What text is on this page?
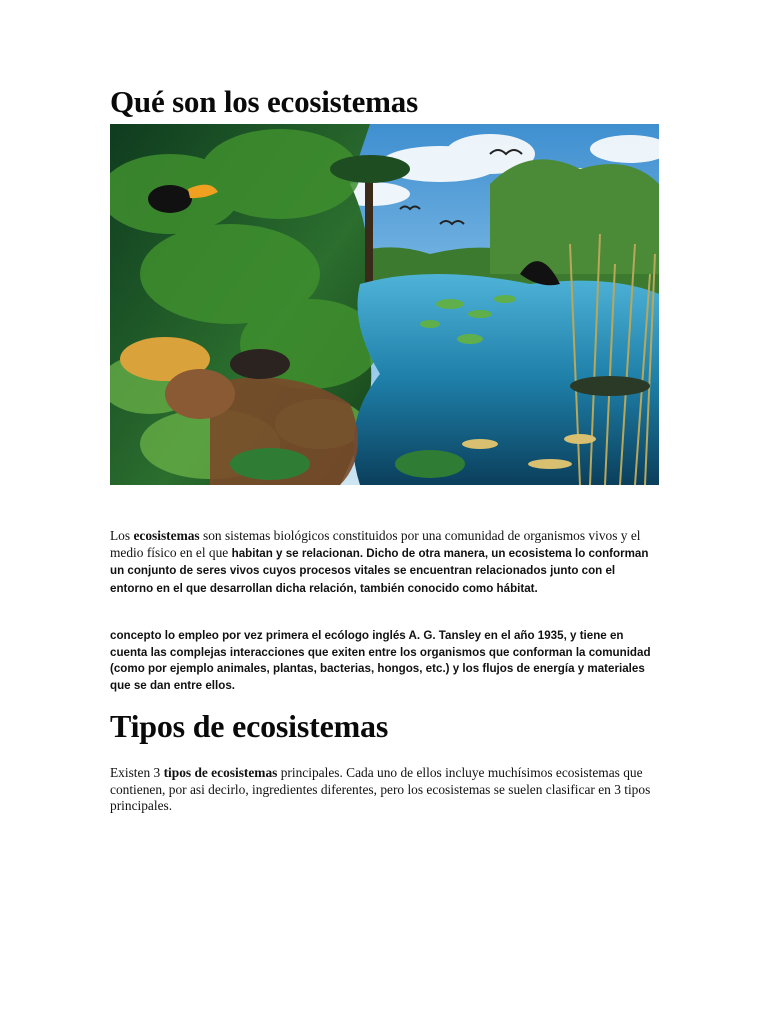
Qué son los ecosistemas
Los ecosistemas son sistemas biológicos constituidos por una comunidad de organismos vivos y el medio físico en el que habitan y se relacionan. Dicho de otra manera, un ecosistema lo conforman un conjunto de seres vivos cuyos procesos vitales se encuentran relacionados junto con el entorno en el que desarrollan dicha relación, también conocido como hábitat.
concepto lo empleo por vez primera el ecólogo inglés A. G. Tansley en el año 1935, y tiene en cuenta las complejas interacciones que exiten entre los organismos que conforman la comunidad (como por ejemplo animales, plantas, bacterias, hongos, etc.) y los flujos de energía y materiales que se dan entre ellos.
Tipos de ecosistemas
Existen 3 tipos de ecosistemas principales. Cada uno de ellos incluye muchísimos ecosistemas que contienen, por asi decirlo, ingredientes diferentes, pero los ecosistemas se suelen clasificar en 3 tipos principales.
